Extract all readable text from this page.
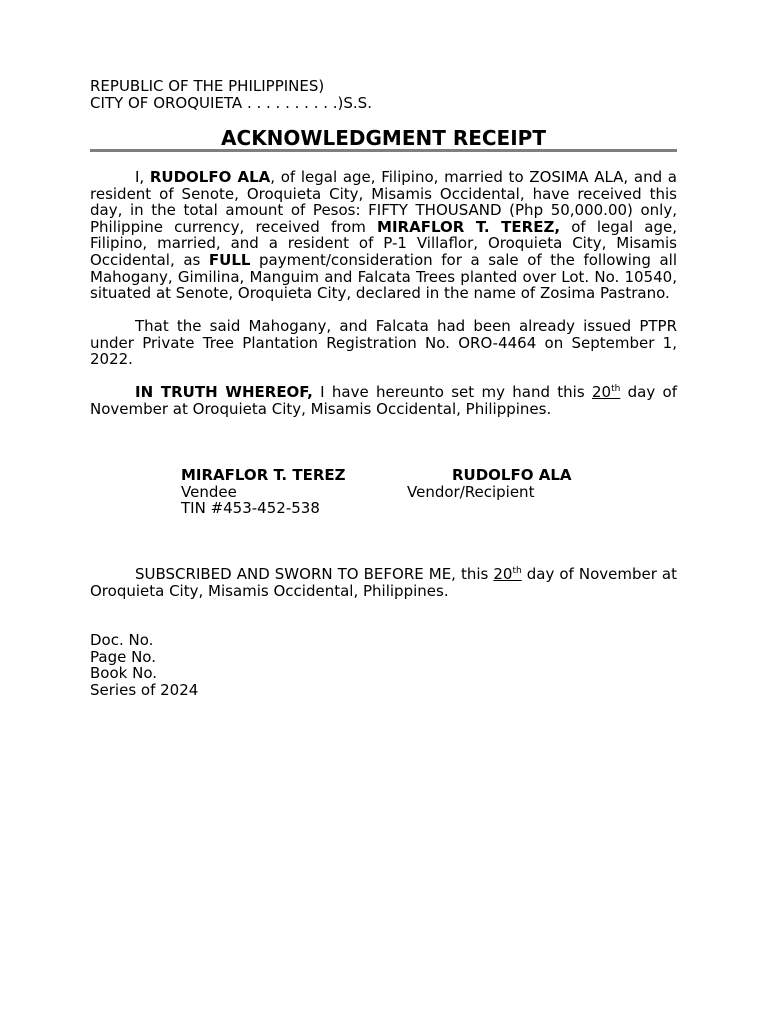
REPUBLIC OF THE PHILIPPINES)
CITY OF OROQUIETA . . . . . . . . . .)S.S.
ACKNOWLEDGMENT RECEIPT
I, RUDOLFO ALA, of legal age, Filipino, married to ZOSIMA ALA, and a resident of Senote, Oroquieta City, Misamis Occidental, have received this day, in the total amount of Pesos: FIFTY THOUSAND (Php 50,000.00) only, Philippine currency, received from MIRAFLOR T. TEREZ, of legal age, Filipino, married, and a resident of P-1 Villaflor, Oroquieta City, Misamis Occidental, as FULL payment/consideration for a sale of the following all Mahogany, Gimilina, Manguim and Falcata Trees planted over Lot. No. 10540, situated at Senote, Oroquieta City, declared in the name of Zosima Pastrano.
That the said Mahogany, and Falcata had been already issued PTPR under Private Tree Plantation Registration No. ORO-4464 on September 1, 2022.
IN TRUTH WHEREOF, I have hereunto set my hand this 20th day of November at Oroquieta City, Misamis Occidental, Philippines.
MIRAFLOR T. TEREZ
Vendee
TIN #453-452-538
RUDOLFO ALA
Vendor/Recipient
SUBSCRIBED AND SWORN TO BEFORE ME, this 20th day of November at Oroquieta City, Misamis Occidental, Philippines.
Doc. No.
Page No.
Book No.
Series of 2024
